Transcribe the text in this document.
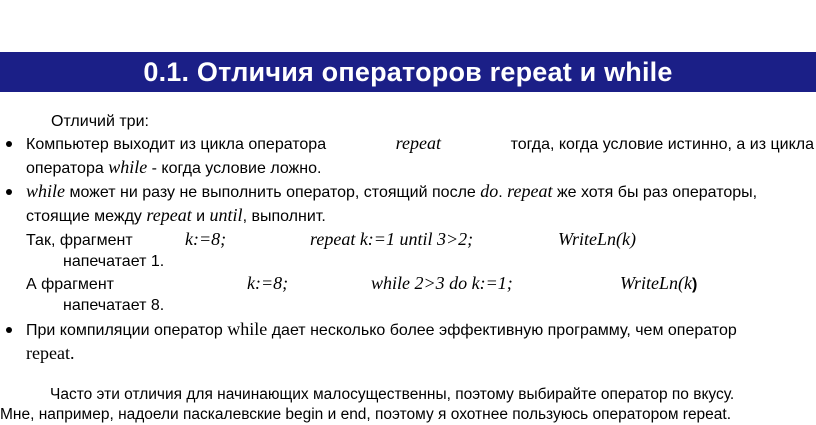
0.1. Отличия операторов repeat и while
Отличий три:
Компьютер выходит из цикла оператора	repeat	тогда, когда условие истинно, а из цикла
оператора while - когда условие ложно.
while может ни разу не выполнить оператор, стоящий после do. repeat же хотя бы раз операторы,
стоящие между repeat и until, выполнит.
Так, фрагмент	k:=8;	repeat k:=1 until 3>2;	WriteLn(k)
напечатает 1.
А фрагмент	k:=8;	while 2>3 do k:=1;	WriteLn(k)
напечатает 8.
При компиляции оператор while дает несколько более эффективную программу, чем оператор
repeat.
Часто эти отличия для начинающих малосущественны, поэтому выбирайте оператор по вкусу.
Мне, например, надоели паскалевские begin и end, поэтому я охотнее пользуюсь оператором repeat.
